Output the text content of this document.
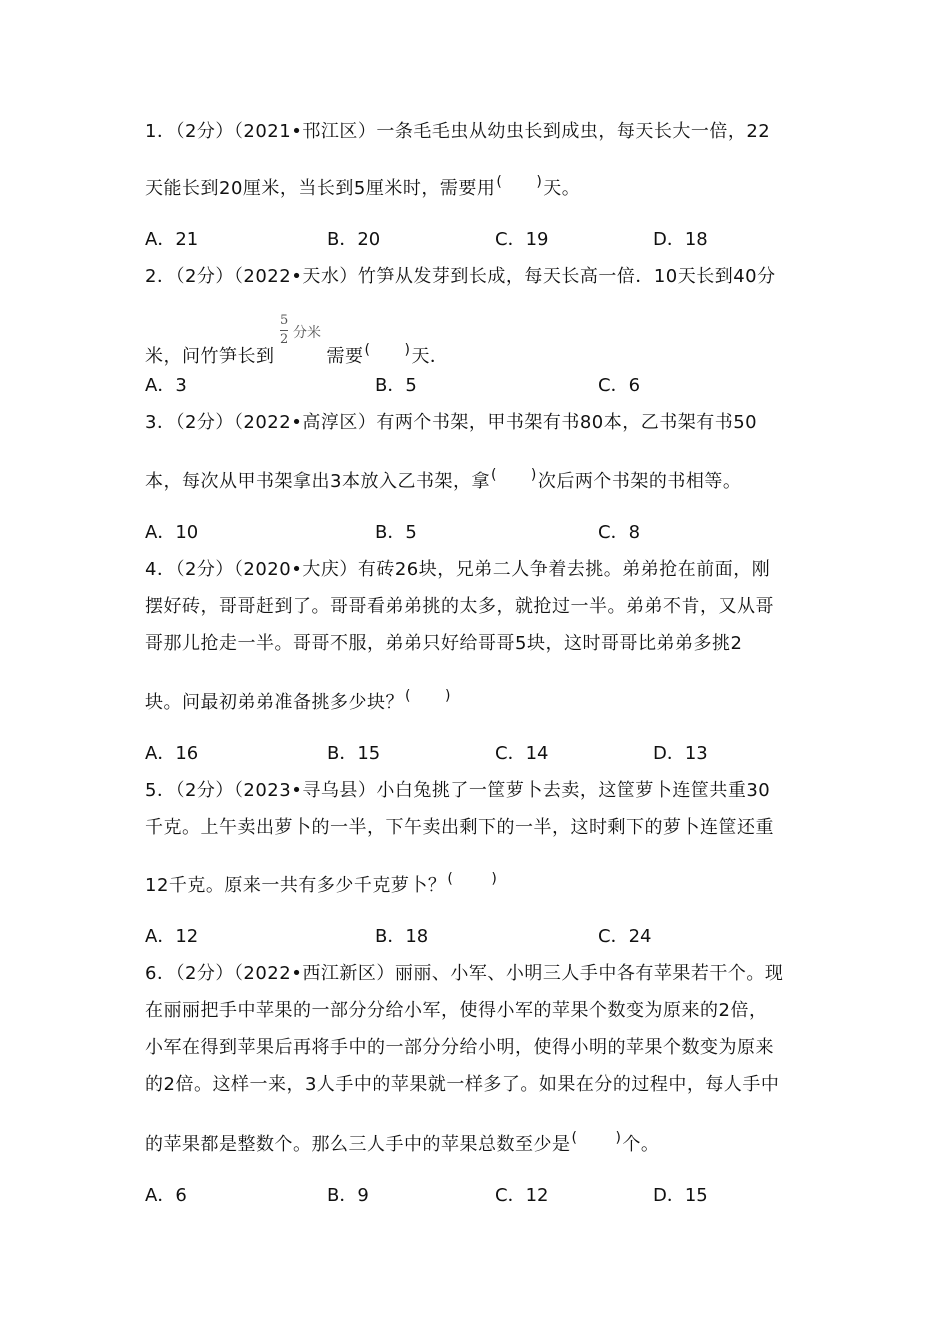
1．（2分）（2021•邗江区）一条毛毛虫从幼虫长到成虫，每天长大一倍，22
天能长到20厘米，当长到5厘米时，需要用( )天。
A．21	B．20	C．19	D．18
2．（2分）（2022•天水）竹笋从发芽到长成，每天长高一倍．10天长到40分
5
2 分米
米，问竹笋长到	需要( )天．
A．3	B．5	C．6
3．（2分）（2022•高淳区）有两个书架，甲书架有书80本，乙书架有书50
本，每次从甲书架拿出3本放入乙书架，拿( )次后两个书架的书相等。
A．10	B．5	C．8
4．（2分）（2020•大庆）有砖26块，兄弟二人争着去挑。弟弟抢在前面，刚
摆好砖，哥哥赶到了。哥哥看弟弟挑的太多，就抢过一半。弟弟不肯，又从哥
哥那儿抢走一半。哥哥不服，弟弟只好给哥哥5块，这时哥哥比弟弟多挑2
块。问最初弟弟准备挑多少块？( )
A．16	B．15	C．14	D．13
5．（2分）（2023•寻乌县）小白兔挑了一筐萝卜去卖，这筐萝卜连筐共重30
千克。上午卖出萝卜的一半，下午卖出剩下的一半，这时剩下的萝卜连筐还重
12千克。原来一共有多少千克萝卜？(	)
A．12	B．18	C．24
6．（2分）（2022•西江新区）丽丽、小军、小明三人手中各有苹果若干个。现
在丽丽把手中苹果的一部分分给小军，使得小军的苹果个数变为原来的2倍，
小军在得到苹果后再将手中的一部分分给小明，使得小明的苹果个数变为原来
的2倍。这样一来，3人手中的苹果就一样多了。如果在分的过程中，每人手中
的苹果都是整数个。那么三人手中的苹果总数至少是(	)个。
A．6	B．9	C．12	D．15
